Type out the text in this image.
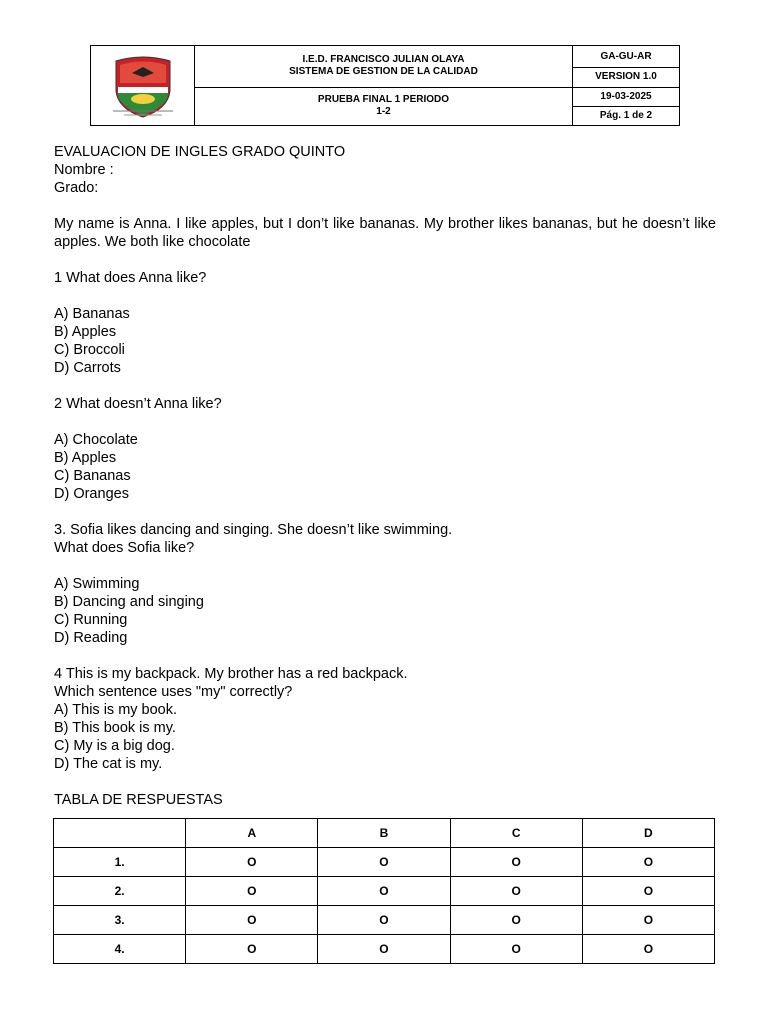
I.E.D. FRANCISCO JULIAN OLAYA
SISTEMA DE GESTION DE LA CALIDAD	GA-GU-AR
		VERSION 1.0

	PRUEBA FINAL 1 PERIODO
1-2	19-03-2025
		Pág. 1 de 2

EVALUACION DE INGLES GRADO QUINTO

Nombre :

Grado:

My name is Anna. I like apples, but I don’t like bananas. My brother likes bananas, but he doesn’t like apples. We both like chocolate

1 What does Anna like?

A) Bananas

B) Apples

C) Broccoli

D) Carrots

2 What doesn’t Anna like?

A) Chocolate

B) Apples

C) Bananas

D) Oranges

3. Sofia likes dancing and singing. She doesn’t like swimming.

What does Sofia like?

A) Swimming

B) Dancing and singing

C) Running

D) Reading

4 This is my backpack. My brother has a red backpack.

Which sentence uses "my" correctly?

A) This is my book.

B) This book is my.

C) My is a big dog.

D) The cat is my.

TABLA DE RESPUESTAS

	A	B	C	D
1.	O	O	O	O
2.	O	O	O	O
3.	O	O	O	O
4.	O	O	O	O
